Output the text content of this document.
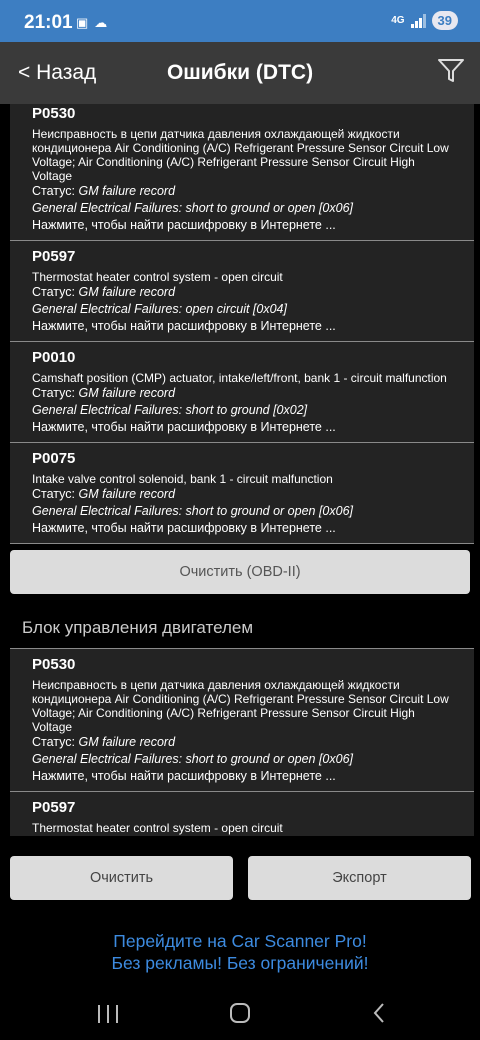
21:01 ▣ ☁	4G	39
< Назад	Ошибки (DTC)
P0530
Неисправность в цепи датчика давления охлаждающей жидкости кондиционера Air Conditioning (A/C) Refrigerant Pressure Sensor Circuit Low Voltage; Air Conditioning (A/C) Refrigerant Pressure Sensor Circuit High Voltage
Статус: GM failure record
General Electrical Failures: short to ground or open [0x06]
Нажмите, чтобы найти расшифровку в Интернете ...
P0597
Thermostat heater control system - open circuit
Статус: GM failure record
General Electrical Failures: open circuit [0x04]
Нажмите, чтобы найти расшифровку в Интернете ...
P0010
Camshaft position (CMP) actuator, intake/left/front, bank 1 - circuit malfunction
Статус: GM failure record
General Electrical Failures: short to ground [0x02]
Нажмите, чтобы найти расшифровку в Интернете ...
P0075
Intake valve control solenoid, bank 1 - circuit malfunction
Статус: GM failure record
General Electrical Failures: short to ground or open [0x06]
Нажмите, чтобы найти расшифровку в Интернете ...
Очистить (OBD-II)
Блок управления двигателем
P0530
Неисправность в цепи датчика давления охлаждающей жидкости кондиционера Air Conditioning (A/C) Refrigerant Pressure Sensor Circuit Low Voltage; Air Conditioning (A/C) Refrigerant Pressure Sensor Circuit High Voltage
Статус: GM failure record
General Electrical Failures: short to ground or open [0x06]
Нажмите, чтобы найти расшифровку в Интернете ...
P0597
Thermostat heater control system - open circuit
Очистить	Экспорт
Перейдите на Car Scanner Pro!
Без рекламы! Без ограничений!
